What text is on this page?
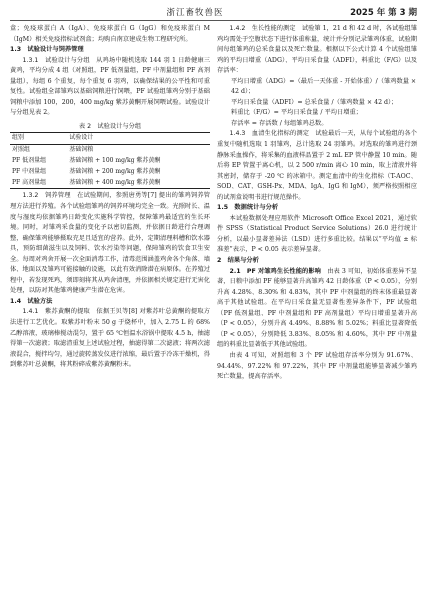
浙江畜牧兽医	2025 年 第 3 期

盒；免疫球蛋白 A（IgA）、免疫球蛋白 G（IgG）和免疫球蛋白 M（IgM）相关免疫指标试剂盒；均购自南京建成生物工程研究所。

1.3　试验设计与饲养管理

1.3.1　试验设计与分组　 从鸡场中随机选取 144 羽 1 日龄健康三黄鸡，平均分成 4 组（对照组，PF 低剂量组，PF 中剂量组和 PF 高剂量组），每组 6 个重复，每个重复 6 羽鸡，以确保结果的公平性和可重复性。试验组全部雏鸡以基础饲粮进行饲喂，PF 试验组雏鸡分别于基础饲粮中添加 100，200，400 mg/kg 紫苏黄酮开展饲喂试验。试验设计与分组见表 2。

表 2　试验设计与分组
组别	试验设计
对照组	基础饲粮
PF 低剂量组	基础饲粮 + 100 mg/kg 紫苏黄酮
PF 中剂量组	基础饲粮 + 200 mg/kg 紫苏黄酮
PF 高剂量组	基础饲粮 + 400 mg/kg 紫苏黄酮

1.3.2　饲养管理　 在试验期间，参照唐勇等[7] 提出的雏鸡饲养管理方法进行养殖。各个试验组雏鸡的饲养环境均完全一致。光照时长、温度与湿度均依据雏鸡日龄变化实施科学管控，保障雏鸡最适宜的生长环境。同时，对雏鸡采食量的变化予以密切监测，并依据日龄进行合理调整，确保雏鸡能够摄取充足且适宜的营养。此外，定期清理料槽和饮水器具，预防细菌滋生以及饲料、饮水污染等问题，保障雏鸡的饮食卫生安全。每周对鸡舍开展一次全面消毒工作，清毒范围涵盖鸡舍各个角落、墙体、地面以及雏鸡可能接触的设施，以此有效消除潜在病原体。在养殖过程中，若发现死鸡，须即刻将其从鸡舍清理，并依据相关规定进行无害化处理，以防对其他雏鸡健康产生潜在危害。

1.4　试验方法

1.4.1　紫苏黄酮的提取　 依据王贝等[8] 对紫苏叶总黄酮的提取方法进行工艺优化。取紫苏叶粉末 50 g 于烧杯中，加入 2.75 L 的 68% 乙醇溶液，玻璃棒搅动混匀，置于 65 ℃恒温水浴锅中提取 4.5 h，抽滤得第一次滤液；取滤渣重复上述试验过程，抽滤得第二次滤液；将两次滤液混合，搅拌均匀，通过旋转蒸发仪进行浓缩，最后置于冷冻干燥机，得到紫苏叶总黄酮，将其粉碎成紫苏黄酮粉末。

1.4.2　生长性能的测定　 试验第 1，21 d 和 42 d 时，各试验组雏鸡均需处于空腹状态下进行体重称量，统计并分别记录雏鸡体重，试验期间每组雏鸡的总采食量以及死亡数量。根据以下公式计算 4 个试验组雏鸡的平均日增重（ADG）、平均日采食量（ADFI），料重比（F/G）以及存活率：

平均日增重（ADG）=（最后一天体重 - 开始体重）/（雏鸡数量 × 42 d）；

平均日采食量（ADFI）= 总采食量 /（雏鸡数量 × 42 d）；

料重比（F/G）= 平均日采食量 / 平均日增重；

存活率 = 存活数 / 每组雏鸡总数。

1.4.3　血清生化指标的测定　 试验最后一天，从每个试验组的各个重复中随机选取 1 羽雏鸡，总计选取 24 羽雏鸡。对选取的雏鸡进行颈静脉采血操作，将采集的血液样品置于 2 mL EP 管中静置 10 min。随后将 EP 管置于离心机，以 2 500 r/min 离心 10 min，取上清液并将其密封，储存于 -20 ℃ 的冰箱中。测定血清中的生化指标（T-AOC、SOD、CAT、GSH-Px、MDA、IgA、IgG 和 IgM），须严格按照相应的试剂盒说明书进行规范操作。

1.5　数据统计与分析

本试验数据处理应用软件 Microsoft Office Excel 2021，通过软件 SPSS（Statistical Product Service Solutions）26.0 进行统计分析，以最小显著差异法（LSD）进行多重比较。结果以“平均值 ± 标准差”表示，P < 0.05 表示差异显著。

2　结果与分析

2.1　PF 对雏鸡生长性能的影响　 由表 3 可知，初始体重差异不显著，日粮中添加 PF 能够显著升高雏鸡 42 日龄体重（P < 0.05），分别升高 4.28%、8.30% 和 4.83%，其中 PF 中剂量组的终末体重最显著高于其他试验组。在平均日采食量无显著性差异条件下，PF 试验组（PF 低剂量组、PF 中剂量组和 PF 高剂量组）平均日增重显著升高（P < 0.05），分别升高 4.49%、8.88% 和 5.02%；料重比显著降低（P < 0.05），分别降低 3.83%、8.05% 和 4.60%，其中 PF 中剂量组的料重比显著低于其他试验组。

由表 4 可知，对照组和 3 个 PF 试验组存活率分别为 91.67%、94.44%、97.22% 和 97.22%，其中 PF 中剂量组能够显著减少雏鸡死亡数量，提高存活率。
